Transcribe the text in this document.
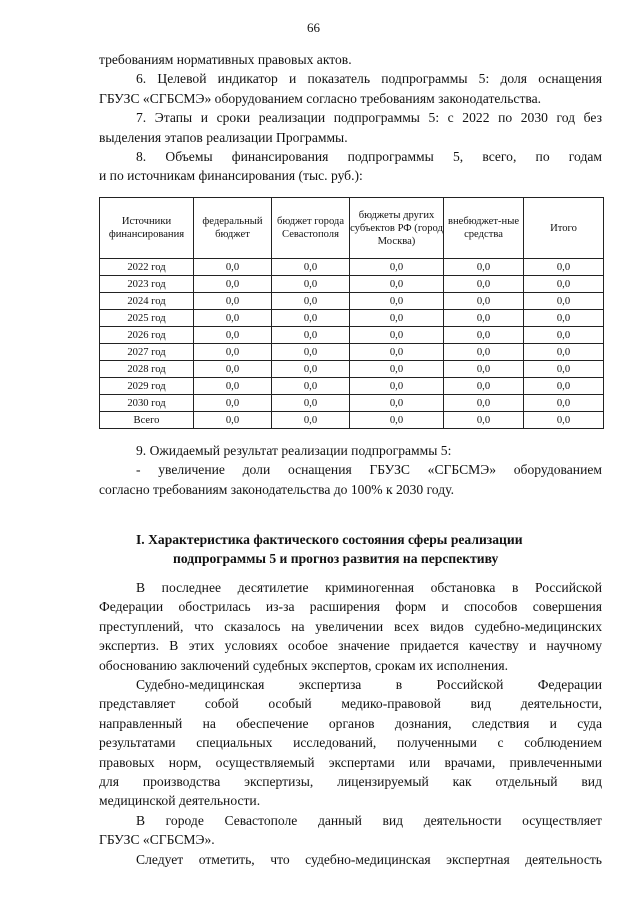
66
требованиям нормативных правовых актов.
6. Целевой индикатор и показатель подпрограммы 5: доля оснащения
ГБУЗС «СГБСМЭ» оборудованием согласно требованиям законодательства.
7. Этапы и сроки реализации подпрограммы 5: с 2022 по 2030 год без
выделения этапов реализации Программы.
8. Объемы финансирования подпрограммы 5, всего, по годам
и по источникам финансирования (тыс. руб.):
Источники финансирования	федеральный бюджет	бюджет города Севастополя	бюджеты других субъектов РФ (город Москва)	внебюджет-ные средства	Итого
2022 год	0,0	0,0	0,0	0,0	0,0
2023 год	0,0	0,0	0,0	0,0	0,0
2024 год	0,0	0,0	0,0	0,0	0,0
2025 год	0,0	0,0	0,0	0,0	0,0
2026 год	0,0	0,0	0,0	0,0	0,0
2027 год	0,0	0,0	0,0	0,0	0,0
2028 год	0,0	0,0	0,0	0,0	0,0
2029 год	0,0	0,0	0,0	0,0	0,0
2030 год	0,0	0,0	0,0	0,0	0,0
Всего	0,0	0,0	0,0	0,0	0,0
9. Ожидаемый результат реализации подпрограммы 5:
- увеличение доли оснащения ГБУЗС «СГБСМЭ» оборудованием
согласно требованиям законодательства до 100% к 2030 году.
I. Характеристика фактического состояния сферы реализации
подпрограммы 5 и прогноз развития на перспективу
В последнее десятилетие криминогенная обстановка в Российской
Федерации обострилась из-за расширения форм и способов совершения
преступлений, что сказалось на увеличении всех видов судебно-медицинских
экспертиз. В этих условиях особое значение придается качеству и научному
обоснованию заключений судебных экспертов, срокам их исполнения.
Судебно-медицинская экспертиза в Российской Федерации
представляет собой особый медико-правовой вид деятельности,
направленный на обеспечение органов дознания, следствия и суда
результатами специальных исследований, полученными с соблюдением
правовых норм, осуществляемый экспертами или врачами, привлеченными
для производства экспертизы, лицензируемый как отдельный вид
медицинской деятельности.
В городе Севастополе данный вид деятельности осуществляет
ГБУЗС «СГБСМЭ».
Следует отметить, что судебно-медицинская экспертная деятельность
